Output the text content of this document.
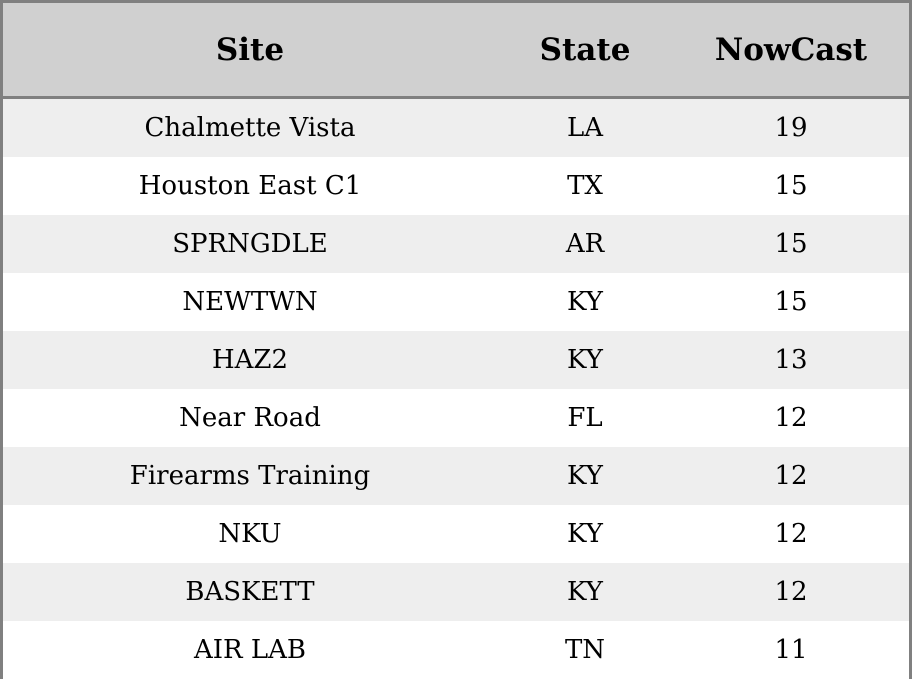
Site	State	NowCast
Chalmette Vista	LA	19
Houston East C1	TX	15
SPRNGDLE	AR	15
NEWTWN	KY	15
HAZ2	KY	13
Near Road	FL	12
Firearms Training	KY	12
NKU	KY	12
BASKETT	KY	12
AIR LAB	TN	11
